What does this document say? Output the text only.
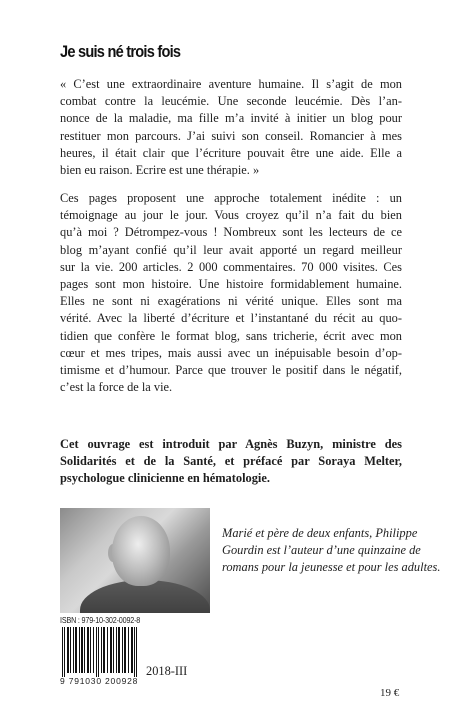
Je suis né trois fois
« C’est une extraordinaire aventure humaine. Il s’agit de mon
combat contre la leucémie. Une seconde leucémie. Dès l’an-
nonce de la maladie, ma fille m’a invité à initier un blog pour
restituer mon parcours. J’ai suivi son conseil. Romancier à mes
heures, il était clair que l’écriture pouvait être une aide. Elle a
bien eu raison. Ecrire est une thérapie. »
Ces pages proposent une approche totalement inédite : un
témoignage au jour le jour. Vous croyez qu’il n’a fait du bien
qu’à moi ? Détrompez-vous ! Nombreux sont les lecteurs de ce
blog m’ayant confié qu’il leur avait apporté un regard meilleur
sur la vie. 200 articles. 2 000 commentaires. 70 000 visites. Ces
pages sont mon histoire. Une histoire formidablement humaine.
Elles ne sont ni exagérations ni vérité unique. Elles sont ma
vérité. Avec la liberté d’écriture et l’instantané du récit au quo-
tidien que confère le format blog, sans tricherie, écrit avec mon
cœur et mes tripes, mais aussi avec un inépuisable besoin d’op-
timisme et d’humour. Parce que trouver le positif dans le négatif,
c’est la force de la vie.
Cet ouvrage est introduit par Agnès Buzyn, ministre des
Solidarités et de la Santé, et préfacé par Soraya Melter,
psychologue clinicienne en hématologie.
Marié et père de deux enfants, Philippe
Gourdin est l’auteur d’une quinzaine de
romans pour la jeunesse et pour les adultes.
ISBN : 979-10-302-0092-8
9 791030 200928
2018-III
19 €
